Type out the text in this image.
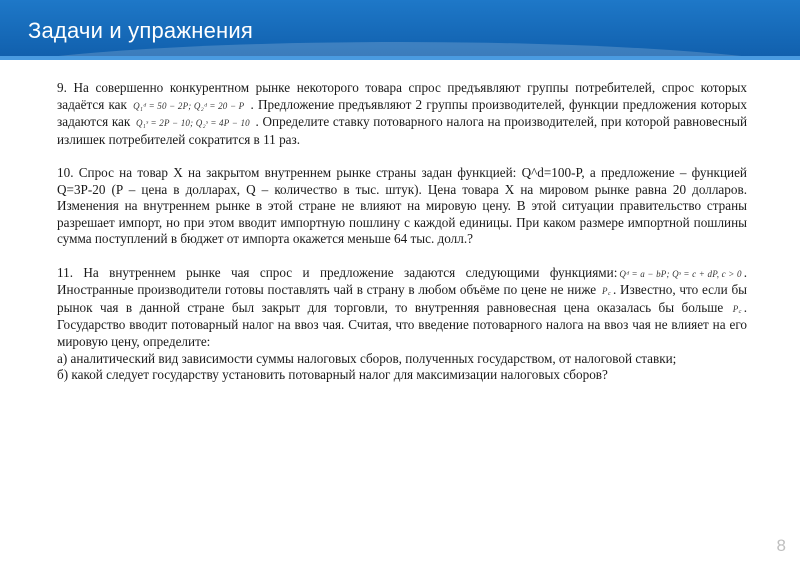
Задачи и упражнения

9. На совершенно конкурентном рынке некоторого товара спрос предъявляют группы потребителей, спрос которых задаётся как Q₁ᵈ = 50 − 2P; Q₂ᵈ = 20 − P . Предложение предъявляют 2 группы производителей, функции предложения которых задаются как Q₁ˢ = 2P − 10; Q₂ˢ = 4P − 10 . Определите ставку потоварного налога на производителей, при которой равновесный излишек потребителей сократится в 11 раз.

10. Спрос на товар X на закрытом внутреннем рынке страны задан функцией: Q^d=100-P, а предложение – функцией Q=3P-20 (P – цена в долларах, Q – количество в тыс. штук). Цена товара X на мировом рынке равна 20 долларов. Изменения на внутреннем рынке в этой стране не влияют на мировую цену. В этой ситуации правительство страны разрешает импорт, но при этом вводит импортную пошлину с каждой единицы. При каком размере импортной пошлины сумма поступлений в бюджет от импорта окажется меньше 64 тыс. долл.?

11. На внутреннем рынке чая спрос и предложение задаются следующими функциями: Qᵈ = a − bP; Qˢ = c + dP, c > 0 . Иностранные производители готовы поставлять чай в страну в любом объёме по цене не ниже P꜀ . Известно, что если бы рынок чая в данной стране был закрыт для торговли, то внутренняя равновесная цена оказалась бы больше P꜀ . Государство вводит потоварный налог на ввоз чая. Считая, что введение потоварного налога на ввоз чая не влияет на его мировую цену, определите:

а) аналитический вид зависимости суммы налоговых сборов, полученных государством, от налоговой ставки;

б) какой следует государству установить потоварный налог для максимизации налоговых сборов?

8
